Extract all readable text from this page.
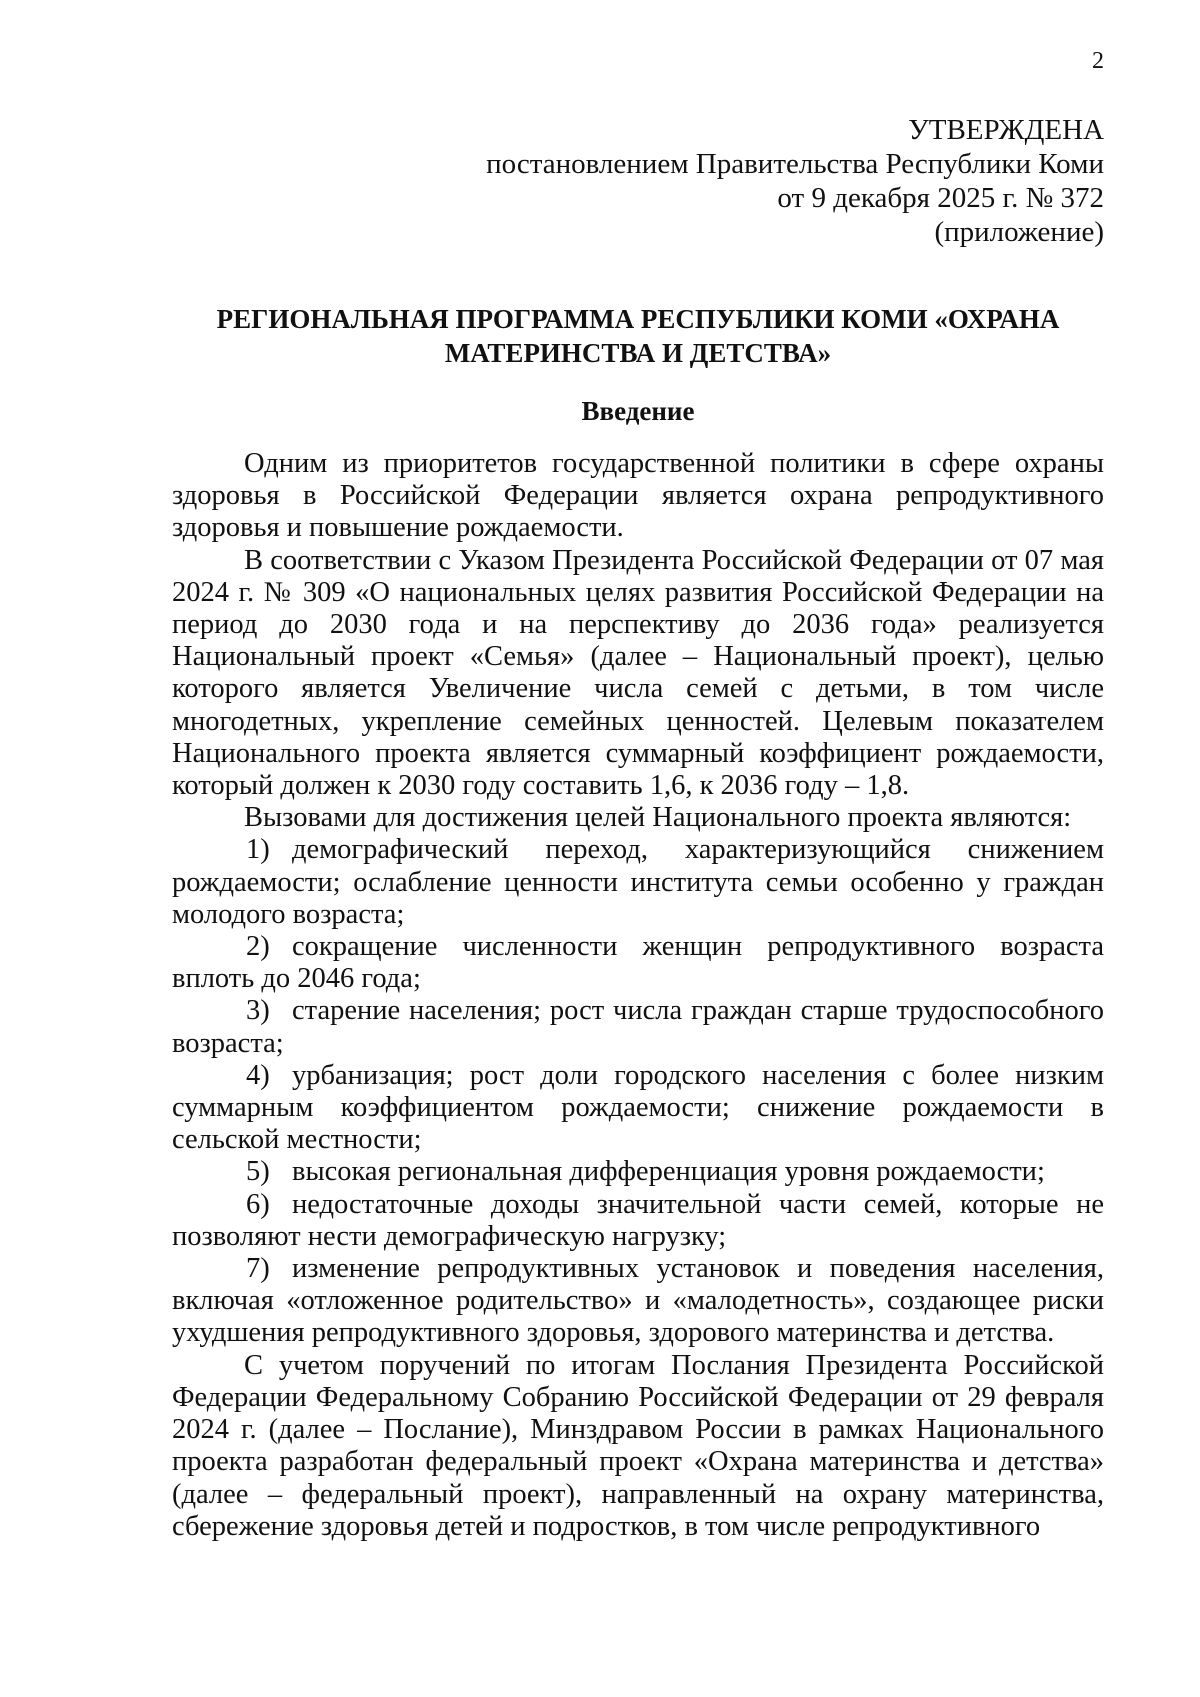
2
УТВЕРЖДЕНА
постановлением Правительства Республики Коми
от 9 декабря 2025 г. № 372
(приложение)
РЕГИОНАЛЬНАЯ ПРОГРАММА РЕСПУБЛИКИ КОМИ «ОХРАНА
МАТЕРИНСТВА И ДЕТСТВА»
Введение

Одним из приоритетов государственной политики в сфере охраны здоровья в Российской Федерации является охрана репродуктивного здоровья и повышение рождаемости.

В соответствии с Указом Президента Российской Федерации от 07 мая 2024 г. № 309 «О национальных целях развития Российской Федерации на период до 2030 года и на перспективу до 2036 года» реализуется Национальный проект «Семья» (далее – Национальный проект), целью которого является Увеличение числа семей с детьми, в том числе многодетных, укрепление семейных ценностей. Целевым показателем Национального проекта является суммарный коэффициент рождаемости, который должен к 2030 году составить 1,6, к 2036 году – 1,8.

Вызовами для достижения целей Национального проекта являются:

1) демографический переход, характеризующийся снижением рождаемости; ослабление ценности института семьи особенно у граждан молодого возраста;

2) сокращение численности женщин репродуктивного возраста вплоть до 2046 года;

3) старение населения; рост числа граждан старше трудоспособного возраста;

4) урбанизация; рост доли городского населения с более низким суммарным коэффициентом рождаемости; снижение рождаемости в сельской местности;

5) высокая региональная дифференциация уровня рождаемости;

6) недостаточные доходы значительной части семей, которые не позволяют нести демографическую нагрузку;

7) изменение репродуктивных установок и поведения населения, включая «отложенное родительство» и «малодетность», создающее риски ухудшения репродуктивного здоровья, здорового материнства и детства.

С учетом поручений по итогам Послания Президента Российской Федерации Федеральному Собранию Российской Федерации от 29 февраля 2024 г. (далее – Послание), Минздравом России в рамках Национального проекта разработан федеральный проект «Охрана материнства и детства» (далее – федеральный проект), направленный на охрану материнства, сбережение здоровья детей и подростков, в том числе репродуктивного
